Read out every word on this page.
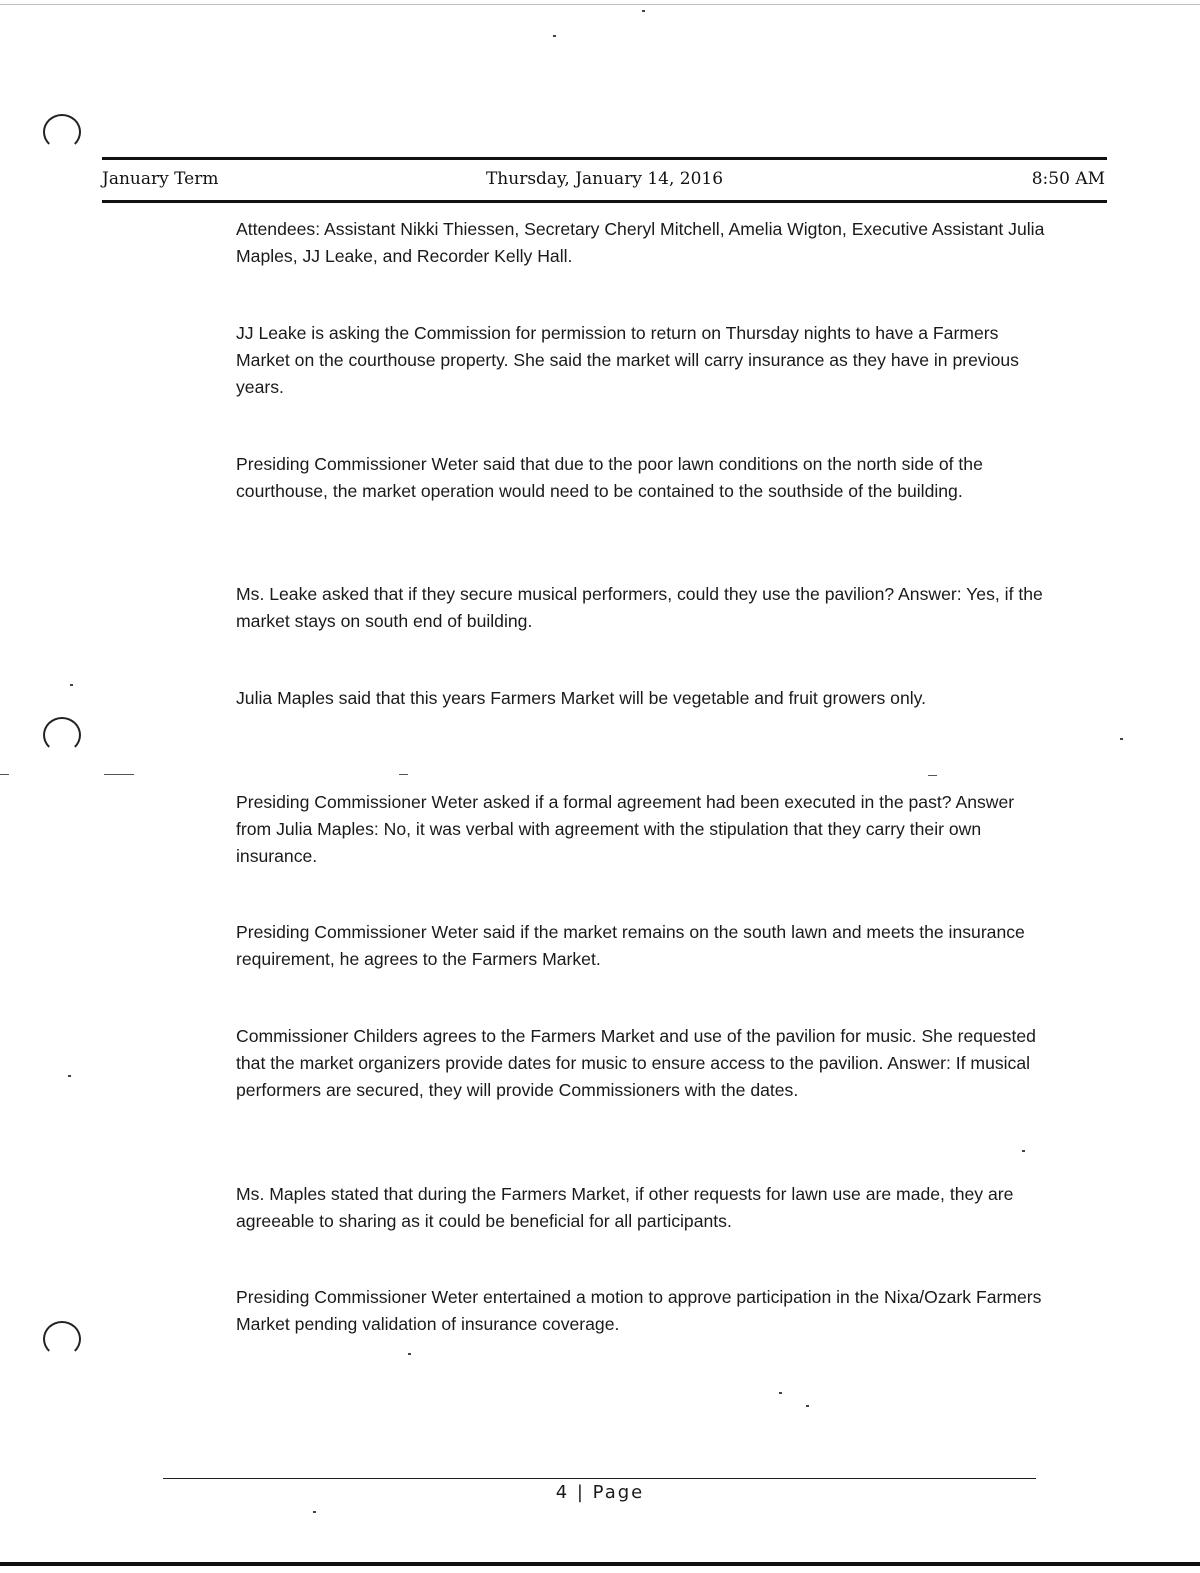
January Term	Thursday, January 14, 2016	8:50 AM

Attendees: Assistant Nikki Thiessen, Secretary Cheryl Mitchell, Amelia Wigton, Executive Assistant Julia Maples, JJ Leake, and Recorder Kelly Hall.

JJ Leake is asking the Commission for permission to return on Thursday nights to have a Farmers Market on the courthouse property. She said the market will carry insurance as they have in previous years.

Presiding Commissioner Weter said that due to the poor lawn conditions on the north side of the courthouse, the market operation would need to be contained to the southside of the building.

Ms. Leake asked that if they secure musical performers, could they use the pavilion? Answer: Yes, if the market stays on south end of building.

Julia Maples said that this years Farmers Market will be vegetable and fruit growers only.

Presiding Commissioner Weter asked if a formal agreement had been executed in the past? Answer from Julia Maples: No, it was verbal with agreement with the stipulation that they carry their own insurance.

Presiding Commissioner Weter said if the market remains on the south lawn and meets the insurance requirement, he agrees to the Farmers Market.

Commissioner Childers agrees to the Farmers Market and use of the pavilion for music. She requested that the market organizers provide dates for music to ensure access to the pavilion. Answer: If musical performers are secured, they will provide Commissioners with the dates.

Ms. Maples stated that during the Farmers Market, if other requests for lawn use are made, they are agreeable to sharing as it could be beneficial for all participants.

Presiding Commissioner Weter entertained a motion to approve participation in the Nixa/Ozark Farmers Market pending validation of insurance coverage.

4 | Page
